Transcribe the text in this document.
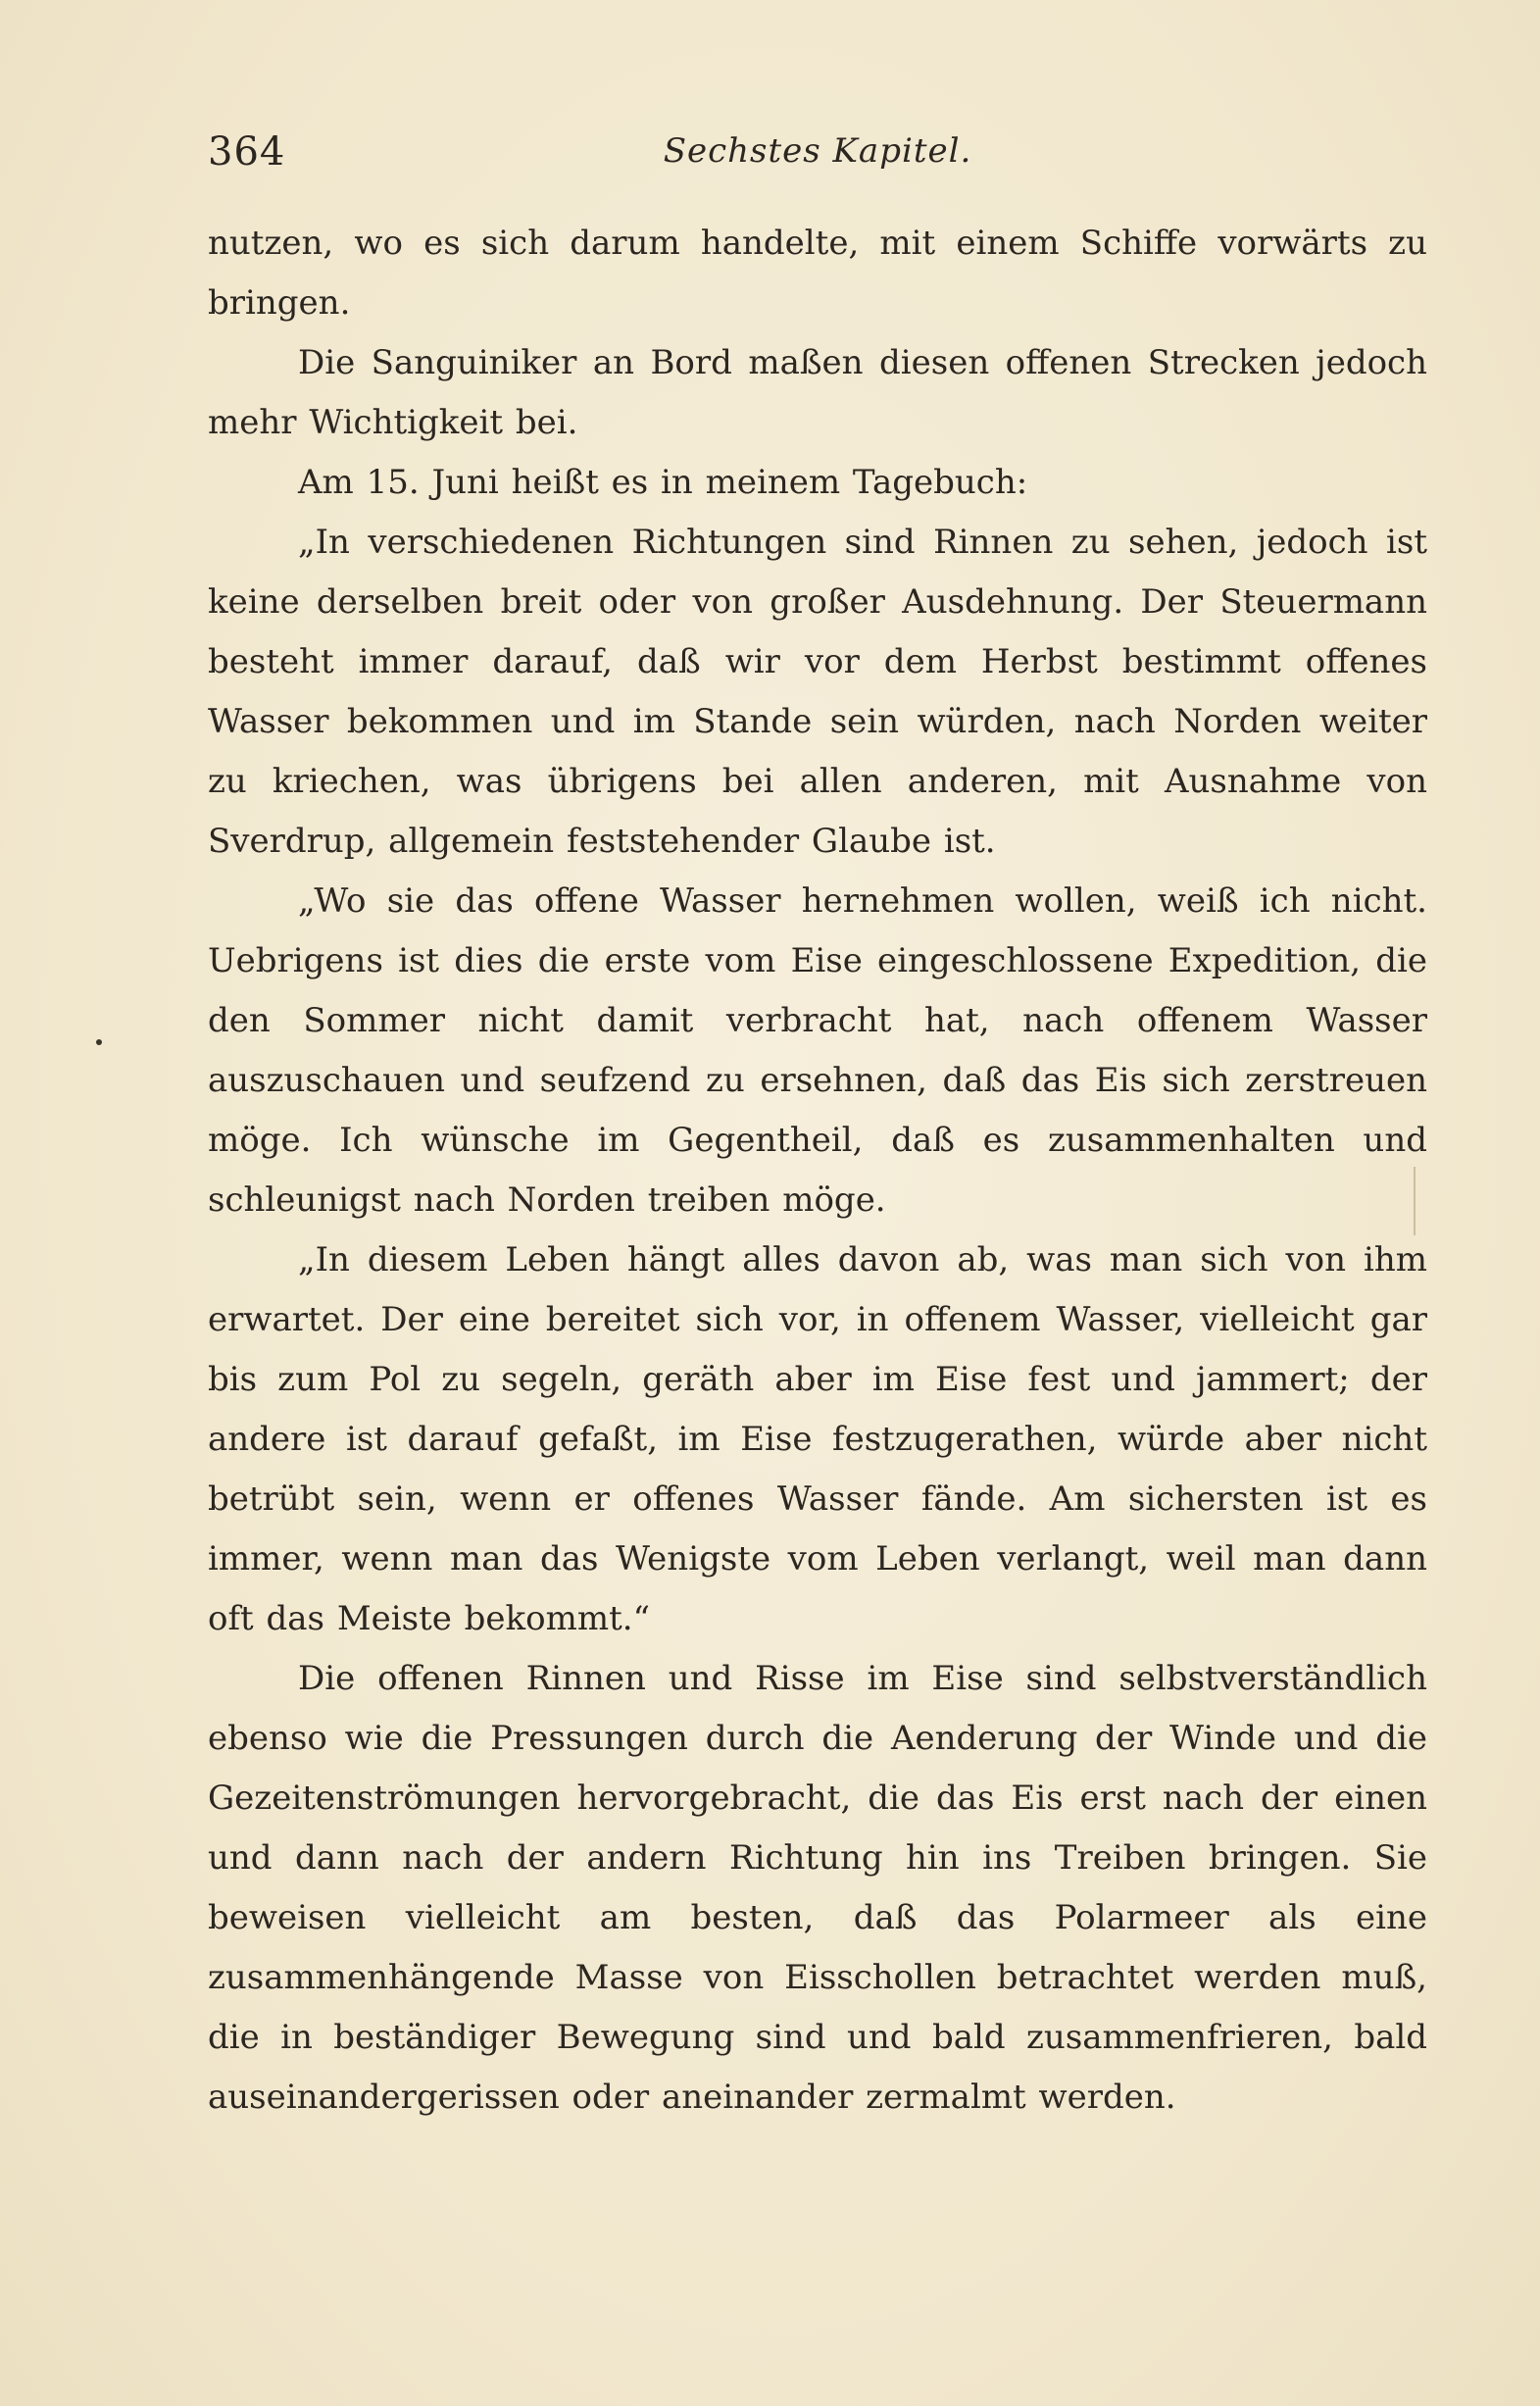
364	Sechstes Kapitel.

nutzen, wo es sich darum handelte, mit einem Schiffe vorwärts zu bringen.

Die Sanguiniker an Bord maßen diesen offenen Strecken jedoch mehr Wichtigkeit bei.

Am 15. Juni heißt es in meinem Tagebuch:

„In verschiedenen Richtungen sind Rinnen zu sehen, jedoch ist keine derselben breit oder von großer Ausdehnung. Der Steuermann besteht immer darauf, daß wir vor dem Herbst bestimmt offenes Wasser bekommen und im Stande sein würden, nach Norden weiter zu kriechen, was übrigens bei allen anderen, mit Ausnahme von Sverdrup, allgemein feststehender Glaube ist.

„Wo sie das offene Wasser hernehmen wollen, weiß ich nicht. Uebrigens ist dies die erste vom Eise eingeschlossene Expedition, die den Sommer nicht damit verbracht hat, nach offenem Wasser auszuschauen und seufzend zu ersehnen, daß das Eis sich zerstreuen möge. Ich wünsche im Gegentheil, daß es zusammenhalten und schleunigst nach Norden treiben möge.

„In diesem Leben hängt alles davon ab, was man sich von ihm erwartet. Der eine bereitet sich vor, in offenem Wasser, vielleicht gar bis zum Pol zu segeln, geräth aber im Eise fest und jammert; der andere ist darauf gefaßt, im Eise festzugerathen, würde aber nicht betrübt sein, wenn er offenes Wasser fände. Am sichersten ist es immer, wenn man das Wenigste vom Leben verlangt, weil man dann oft das Meiste bekommt.“

Die offenen Rinnen und Risse im Eise sind selbstverständlich ebenso wie die Pressungen durch die Aenderung der Winde und die Gezeitenströmungen hervorgebracht, die das Eis erst nach der einen und dann nach der andern Richtung hin ins Treiben bringen. Sie beweisen vielleicht am besten, daß das Polarmeer als eine zusammenhängende Masse von Eisschollen betrachtet werden muß, die in beständiger Bewegung sind und bald zusammenfrieren, bald auseinandergerissen oder aneinander zermalmt werden.
